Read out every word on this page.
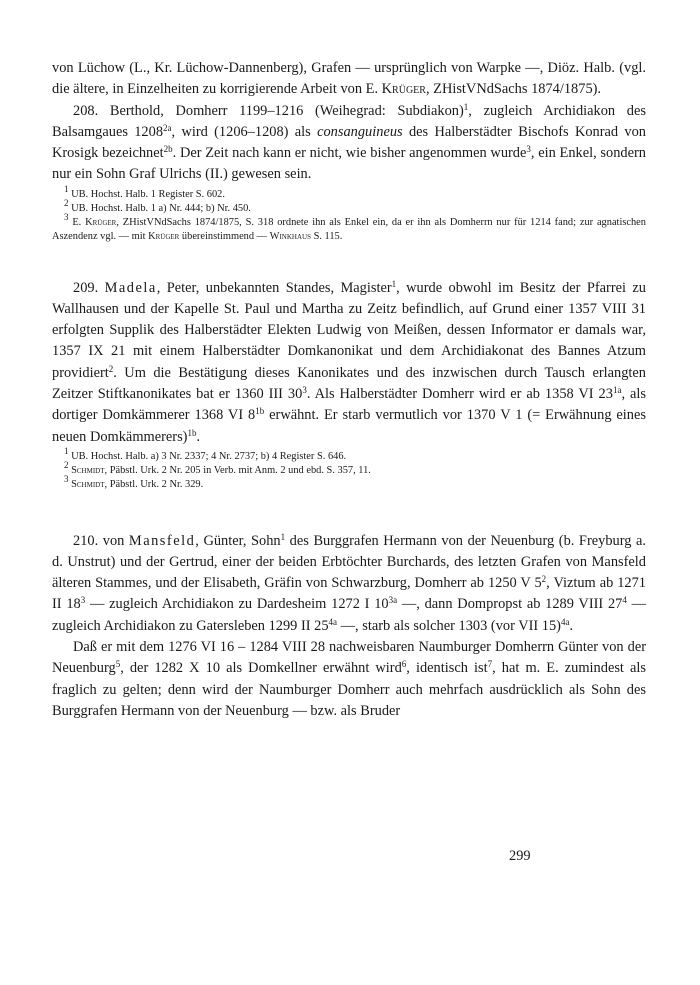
von Lüchow (L., Kr. Lüchow-Dannenberg), Grafen — ursprünglich von Warpke —, Diöz. Halb. (vgl. die ältere, in Einzelheiten zu korrigierende Arbeit von E. Krüger, ZHistVNdSachs 1874/1875).

208. Berthold, Domherr 1199–1216 (Weihegrad: Subdiakon)$^1$, zugleich Archidiakon des Balsamgaues $1208^{2a}$, wird (1206–1208) als consanguineus des Halberstädter Bischofs Konrad von Krosigk bezeichnet$^{2b}$. Der Zeit nach kann er nicht, wie bisher angenommen wurde$^3$, ein Enkel, sondern nur ein Sohn Graf Ulrichs (II.) gewesen sein.

$^1$ UB. Hochst. Halb. 1 Register S. 602.

$^2$ UB. Hochst. Halb. 1 a) Nr. 444; b) Nr. 450.

$^3$ E. Krüger, ZHistVNdSachs 1874/1875, S. 318 ordnete ihn als Enkel ein, da er ihn als Domherrn nur für 1214 fand; zur agnatischen Aszendenz vgl. — mit Krüger übereinstimmend — Winkhaus S. 115.

209. Madela, Peter, unbekannten Standes, Magister$^1$, wurde obwohl im Besitz der Pfarrei zu Wallhausen und der Kapelle St. Paul und Martha zu Zeitz befindlich, auf Grund einer 1357 VIII 31 erfolgten Supplik des Halberstädter Elekten Ludwig von Meißen, dessen Informator er damals war, 1357 IX 21 mit einem Halberstädter Domkanonikat und dem Archidiakonat des Bannes Atzum providiert$^2$. Um die Bestätigung dieses Kanonikates und des inzwischen durch Tausch erlangten Zeitzer Stiftkanonikates bat er 1360 III $30^3$. Als Halberstädter Domherr wird er ab 1358 VI $23^{1a}$, als dortiger Domkämmerer 1368 VI $8^{1b}$ erwähnt. Er starb vermutlich vor 1370 V 1 (= Erwähnung eines neuen Domkämmerers)$^{1b}$.

$^1$ UB. Hochst. Halb. a) 3 Nr. 2337; 4 Nr. 2737; b) 4 Register S. 646.

$^2$ Schmidt, Päbstl. Urk. 2 Nr. 205 in Verb. mit Anm. 2 und ebd. S. 357, 11.

$^3$ Schmidt, Päbstl. Urk. 2 Nr. 329.

210. von Mansfeld, Günter, Sohn$^1$ des Burggrafen Hermann von der Neuenburg (b. Freyburg a. d. Unstrut) und der Gertrud, einer der beiden Erbtöchter Burchards, des letzten Grafen von Mansfeld älteren Stammes, und der Elisabeth, Gräfin von Schwarzburg, Domherr ab 1250 V $5^2$, Viztum ab 1271 II $18^3$ — zugleich Archidiakon zu Dardesheim 1272 I $10^{3a}$ —, dann Dompropst ab 1289 VIII $27^4$ — zugleich Archidiakon zu Gatersleben 1299 II $25^{4a}$ —, starb als solcher 1303 (vor VII 15)$^{4a}$.

Daß er mit dem 1276 VI 16 – 1284 VIII 28 nachweisbaren Naumburger Domherrn Günter von der Neuenburg$^5$, der 1282 X 10 als Domkellner erwähnt wird$^6$, identisch ist$^7$, hat m. E. zumindest als fraglich zu gelten; denn wird der Naumburger Domherr auch mehrfach ausdrücklich als Sohn des Burggrafen Hermann von der Neuenburg — bzw. als Bruder

299
